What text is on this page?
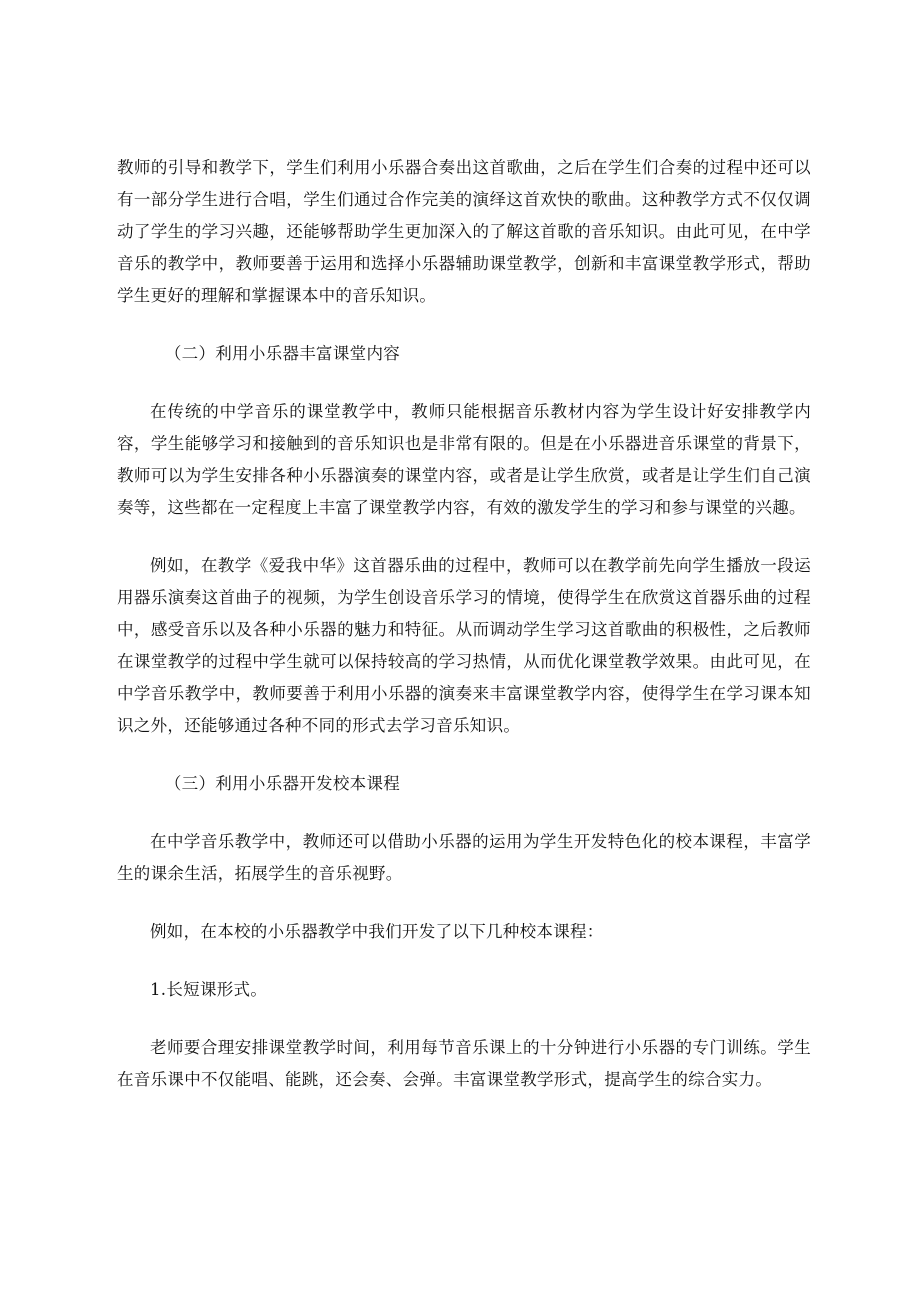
教师的引导和教学下，学生们利用小乐器合奏出这首歌曲，之后在学生们合奏的过程中还可以有一部分学生进行合唱，学生们通过合作完美的演绎这首欢快的歌曲。这种教学方式不仅仅调动了学生的学习兴趣，还能够帮助学生更加深入的了解这首歌的音乐知识。由此可见，在中学音乐的教学中，教师要善于运用和选择小乐器辅助课堂教学，创新和丰富课堂教学形式，帮助学生更好的理解和掌握课本中的音乐知识。

（二）利用小乐器丰富课堂内容

在传统的中学音乐的课堂教学中，教师只能根据音乐教材内容为学生设计好安排教学内容，学生能够学习和接触到的音乐知识也是非常有限的。但是在小乐器进音乐课堂的背景下，教师可以为学生安排各种小乐器演奏的课堂内容，或者是让学生欣赏，或者是让学生们自己演奏等，这些都在一定程度上丰富了课堂教学内容，有效的激发学生的学习和参与课堂的兴趣。

例如，在教学《爱我中华》这首器乐曲的过程中，教师可以在教学前先向学生播放一段运用器乐演奏这首曲子的视频，为学生创设音乐学习的情境，使得学生在欣赏这首器乐曲的过程中，感受音乐以及各种小乐器的魅力和特征。从而调动学生学习这首歌曲的积极性，之后教师在课堂教学的过程中学生就可以保持较高的学习热情，从而优化课堂教学效果。由此可见，在中学音乐教学中，教师要善于利用小乐器的演奏来丰富课堂教学内容，使得学生在学习课本知识之外，还能够通过各种不同的形式去学习音乐知识。

（三）利用小乐器开发校本课程

在中学音乐教学中，教师还可以借助小乐器的运用为学生开发特色化的校本课程，丰富学生的课余生活，拓展学生的音乐视野。

例如，在本校的小乐器教学中我们开发了以下几种校本课程：

1.长短课形式。

老师要合理安排课堂教学时间，利用每节音乐课上的十分钟进行小乐器的专门训练。学生在音乐课中不仅能唱、能跳，还会奏、会弹。丰富课堂教学形式，提高学生的综合实力。
